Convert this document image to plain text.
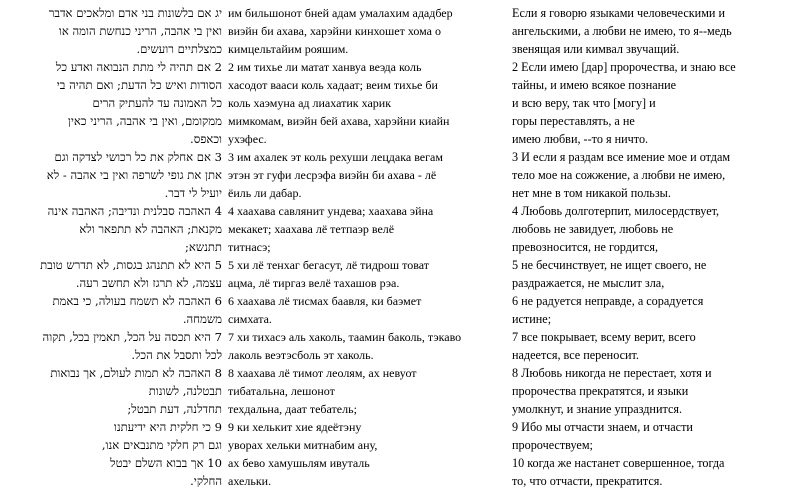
יג אם בלשונות בני אדם ומלאכים אדבר
ואין בי אהבה, הריני כנחשת הומה או
כמצלתיים רועשים.
2 אם תהיה לי מתת הנבואה ואדע כל
הסודות ואיש כל הדעת; ואם תהיה בי
כל האמונה עד להעתיק הרים
ממקומם, ואין בי אהבה, הריני כאין
וכאפס.
3 אם אחלק את כל רכושי לצדקה וגם
אתן את גופי לשרפה ואין בי אהבה - לא
יועיל לי דבר.
4 האהבה סבלנית ונדיבה; האהבה אינה
מקנאת; האהבה לא תתפאר ולא
תתנשא;
5 היא לא תתנהג בגסות, לא תדרש טובת
עצמה, לא תרגז ולא תחשב רעה.
6 האהבה לא תשמח בעולה, כי באמת
משמחה.
7 היא תכסה על הכל, תאמין בכל, תקוה
לכל ותסבל את הכל.
8 האהבה לא תמות לעולם, אך נבואות
תבטלנה, לשונות
תחדלנה, דעת תבטל;
9 כי חלקית היא ידיעתנו
וגם רק חלקי מתנבאים אנו,
10 אך בבוא השלם יבטל
החלקי.
им бильшонот бней адам умалахим ададбер
виэйн би ахава, харэйни кинхошет хома о
кимцельтайим рояшим.
2 им тихье ли матат ханвуа веэда коль
хасодот вааси коль хадаат; веим тихье би
коль хаэмуна ад лиахатик харик
мимкомам, виэйн бей ахава, харэйни киайн
ухэфес.
3 им ахалек эт коль рехуши лецдака вегам
этэн эт гуфи лесрэфа виэйн би ахава - лё
ёиль ли дабар.
4 хаахава савлянит ундева; хаахава эйна
мекакет; хаахава лё тетпаэр велё
титнасэ;
5 хи лё тенхаг бегасут, лё тидрош товат
ацма, лё тиргаз велё тахашов рэа.
6 хаахава лё тисмах баавля, ки баэмет
симхата.
7 хи тихасэ аль хаколь, таамин баколь, тэкаво
лаколь веэтэсболь эт хаколь.
8 хаахава лё тимот леолям, ах невуот
тибатальна, лешонот
техдальна, даат тебатель;
9 ки хелькит хие ядеётэну
уворах хельки митнабим ану,
ах бево хамушьлям ивуталь
ахельки.
Если я говорю языками человеческими и
ангельскими, а любви не имею, то я--медь
звенящая или кимвал звучащий.
2 Если имею [дар] пророчества, и знаю все
тайны, и имею всякое познание
и всю веру, так что [могу] и
горы переставлять, а не
имею любви, --то я ничто.
3 И если я раздам все имение мое и отдам
тело мое на сожжение, а любви не имею,
нет мне в том никакой пользы.
4 Любовь долготерпит, милосердствует,
любовь не завидует, любовь не
превозносится, не гордится,
5 не бесчинствует, не ищет своего, не
раздражается, не мыслит зла,
6 не радуется неправде, а сорадуется
истине;
7 все покрывает, всему верит, всего
надеется, все переносит.
8 Любовь никогда не перестает, хотя и
пророчества прекратятся, и языки
умолкнут, и знание упразднится.
9 Ибо мы отчасти знаем, и отчасти
пророчествуем;
10 когда же настанет совершенное, тогда
то, что отчасти, прекратится.
